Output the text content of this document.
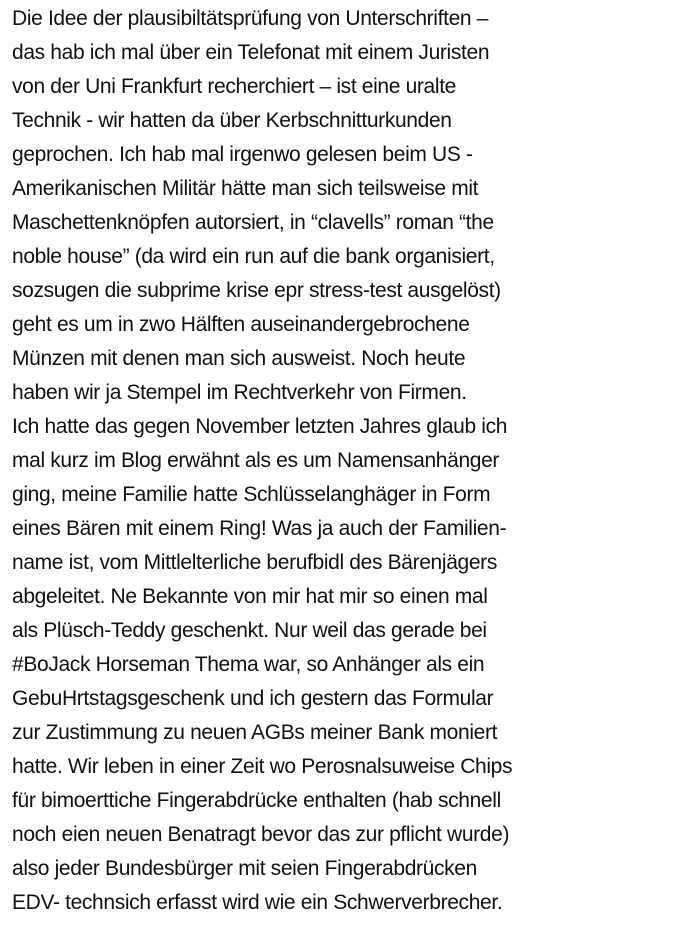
Die Idee der plausibiltätsprüfung von Unterschriften –
das hab ich mal über ein Telefonat mit einem Juristen
von der Uni Frankfurt recherchiert – ist eine uralte
Technik - wir hatten da über Kerbschnitturkunden
geprochen. Ich hab mal irgenwo gelesen beim US -
Amerikanischen Militär hätte man sich teilsweise mit
Maschettenknöpfen autorsiert, in “clavells” roman “the
noble house” (da wird ein run auf die bank organisiert,
sozsugen die subprime krise epr stress-test ausgelöst)
geht es um in zwo Hälften auseinandergebrochene
Münzen mit denen man sich ausweist. Noch heute
haben wir ja Stempel im Rechtverkehr von Firmen.
Ich hatte das gegen November letzten Jahres glaub ich
mal kurz im Blog erwähnt als es um Namensanhänger
ging, meine Familie hatte Schlüsselanghäger in Form
eines Bären mit einem Ring! Was ja auch der Familien-
name ist, vom Mittlelterliche berufbidl des Bärenjägers
abgeleitet. Ne Bekannte von mir hat mir so einen mal
als Plüsch-Teddy geschenkt. Nur weil das gerade bei
#BoJack Horseman Thema war, so Anhänger als ein
GebuHrtstagsgeschenk und ich gestern das Formular
zur Zustimmung zu neuen AGBs meiner Bank moniert
hatte. Wir leben in einer Zeit wo Perosnalsuweise Chips
für bimoertt‌iche Fingerabdrücke enthalten (hab schnell
noch eien neuen Benatragt bevor das zur pflicht wurde)
also jeder Bundesbürger mit seien Fingerabdrücken
EDV- technsich erfasst wird wie ein Schwerverbrecher.
